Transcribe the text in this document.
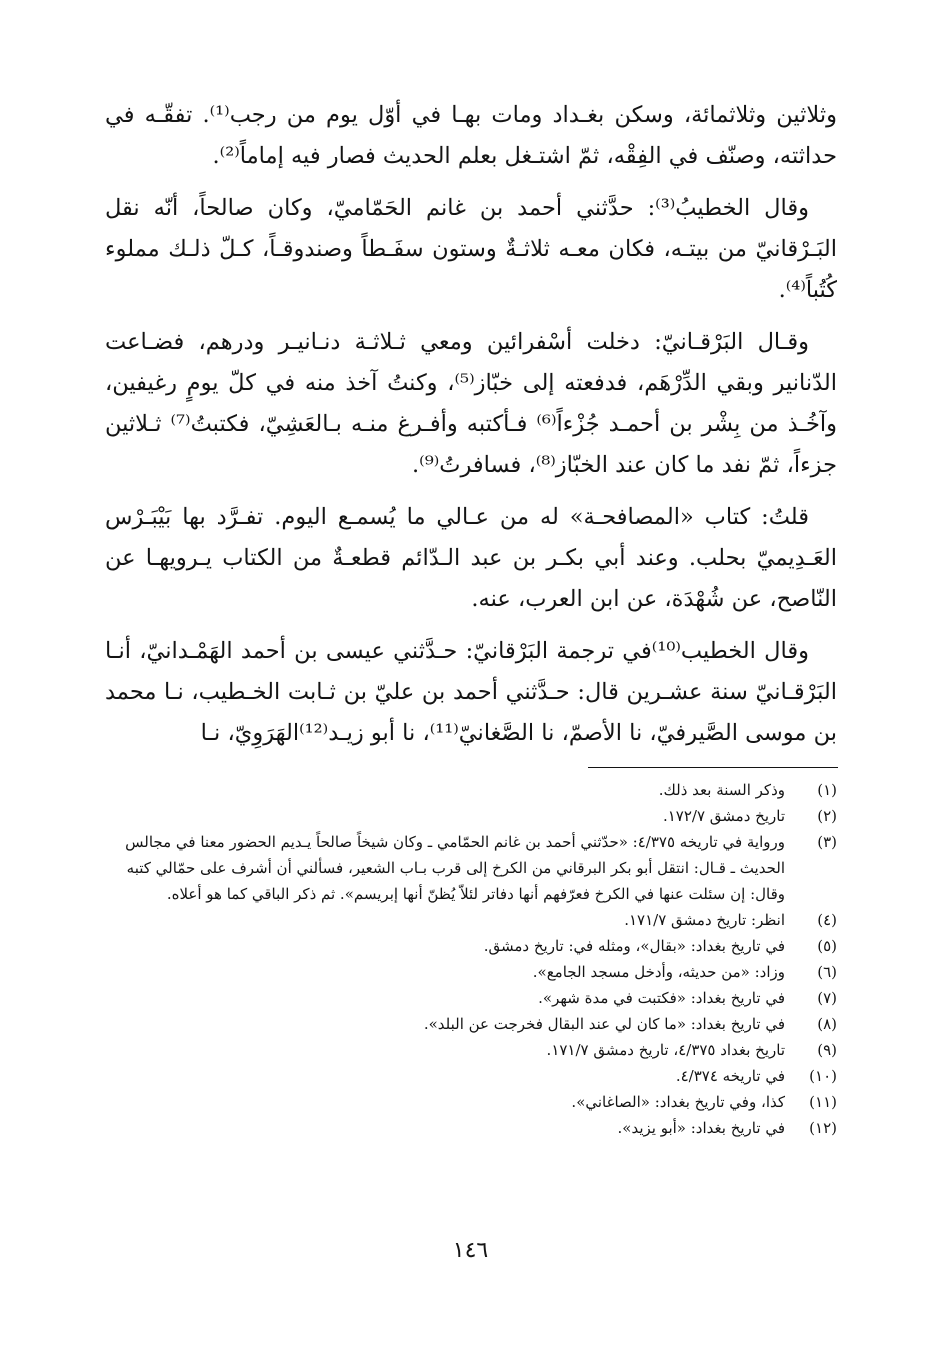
وثلاثين وثلاثمائة، وسكن بغـداد ومات بهـا في أوّل يوم من رجب⁽¹⁾. تفقّـه في حداثته، وصنّف في الفِقْه، ثمّ اشتـغل بعلم الحديث فصار فيه إماماً⁽²⁾.

وقال الخطيبُ⁽³⁾: حدَّثني أحمد بن غانم الحَمّاميّ، وكان صالحاً، أنّه نقل البَـرْقانيّ من بيتـه، فكان معـه ثلاثـةٌ وستون سفَـطاً وصندوقـاً، كـلّ ذلـك مملوء كُتُباً⁽⁴⁾.

وقـال البَرْقـانيّ: دخلت أسْفرائين ومعي ثـلاثـة دنـانيـر ودرهم، فضـاعت الدّنانير وبقي الدِّرْهَم، فدفعته إلى خبّاز⁽⁵⁾، وكنتُ آخذ منه في كلّ يومٍ رغيفين، وآخُـذ من بِشْر بن أحمـد جُزْءاً⁽⁶⁾ فـأكتبه وأفـرغ منـه بـالعَشِيّ، فكتبتُ⁽⁷⁾ ثـلاثين جزءاً، ثمّ نفد ما كان عند الخبّاز⁽⁸⁾، فسافرتُ⁽⁹⁾.

قلتُ: كتاب «المصافحـة» له من عـالي ما يُسمـع اليوم. تفـرَّد بها بَيْبَـرْس العَـدِيميّ بحلب. وعند أبي بكـر بن عبد الـدّائم قطعـةٌ من الكتاب يـرويهـا عن النّاصح، عن شُهْدَة، عن ابن العرب، عنه.

وقال الخطيب⁽¹⁰⁾في ترجمة البَرْقانيّ: حـدَّثني عيسى بن أحمد الهَمْـدانيّ، أنـا البَرْقـانيّ سنة عشـرين قال: حـدَّثني أحمد بن عليّ بن ثـابت الخـطيب، نـا محمد بن موسى الصَّيرفيّ، نا الأصمّ، نا الصَّغانيّ⁽¹¹⁾، نا أبو زيـد⁽¹²⁾الهَرَوِيّ، نـا

(١)
وذكر السنة بعد ذلك.
(٢)
تاريخ دمشق ١٧٢/٧.
(٣)
ورواية في تاريخه ٤/٣٧٥: «حدّثني أحمد بن غانم الحمّامي ـ وكان شيخاً صالحاً يـديم الحضور معنا في مجالس الحديث ـ قـال: انتقل أبو بكر البرقاني من الكرخ إلى قرب بـاب الشعير، فسألني أن أشرف على حمّالي كتبه وقال: إن سئلت عنها في الكرخ فعرّفهم أنها دفاتر لئلاّ يُظنّ أنها إبريسم». ثم ذكر الباقي كما هو أعلاه.
(٤)
انظر: تاريخ دمشق ١٧١/٧.
(٥)
في تاريخ بغداد: «بقال»، ومثله في: تاريخ دمشق.
(٦)
وزاد: «من حديثه، وأدخل مسجد الجامع».
(٧)
في تاريخ بغداد: «فكتبت في مدة شهر».
(٨)
في تاريخ بغداد: «ما كان لي عند البقال فخرجت عن البلد».
(٩)
تاريخ بغداد ٤/٣٧٥، تاريخ دمشق ١٧١/٧.
(١٠)
في تاريخه ٤/٣٧٤.
(١١)
كذا، وفي تاريخ بغداد: «الصاغاني».
(١٢)
في تاريخ بغداد: «أبو يزيد».
١٤٦
